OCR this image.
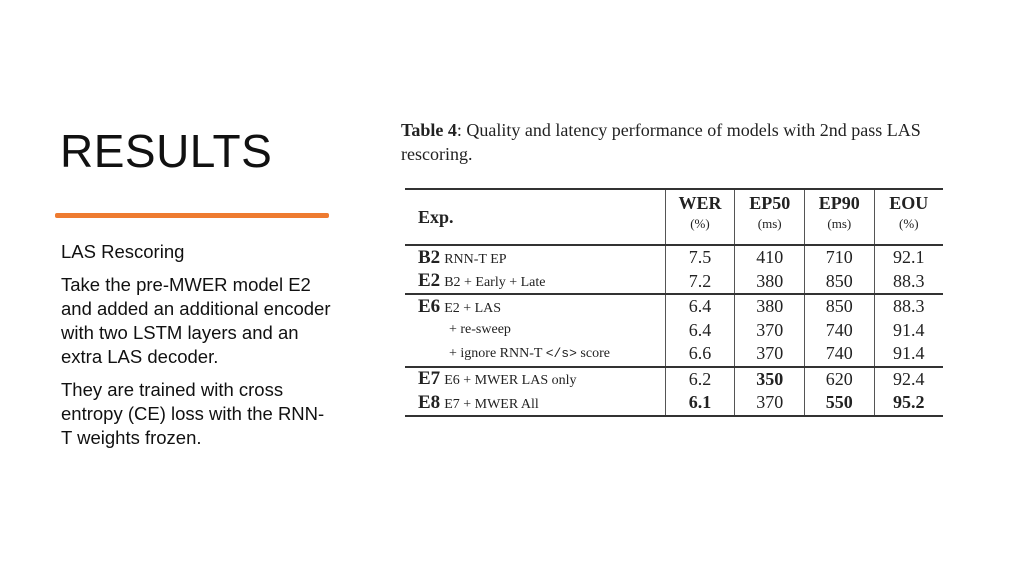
RESULTS

LAS Rescoring

Take the pre-MWER model E2 and added an additional encoder with two LSTM layers and an extra LAS decoder.

They are trained with cross entropy (CE) loss with the RNN-T weights frozen.

Table 4: Quality and latency performance of models with 2nd pass LAS rescoring.
Exp.	WER	EP50	EP90	EOU
	(%)	(ms)	(ms)	(%)
B2 RNN-T EP	7.5	410	710	92.1
E2 B2 + Early + Late	7.2	380	850	88.3
E6 E2 + LAS	6.4	380	850	88.3
+ re-sweep	6.4	370	740	91.4
+ ignore RNN-T </s> score	6.6	370	740	91.4
E7 E6 + MWER LAS only	6.2	350	620	92.4
E8 E7 + MWER All	6.1	370	550	95.2
